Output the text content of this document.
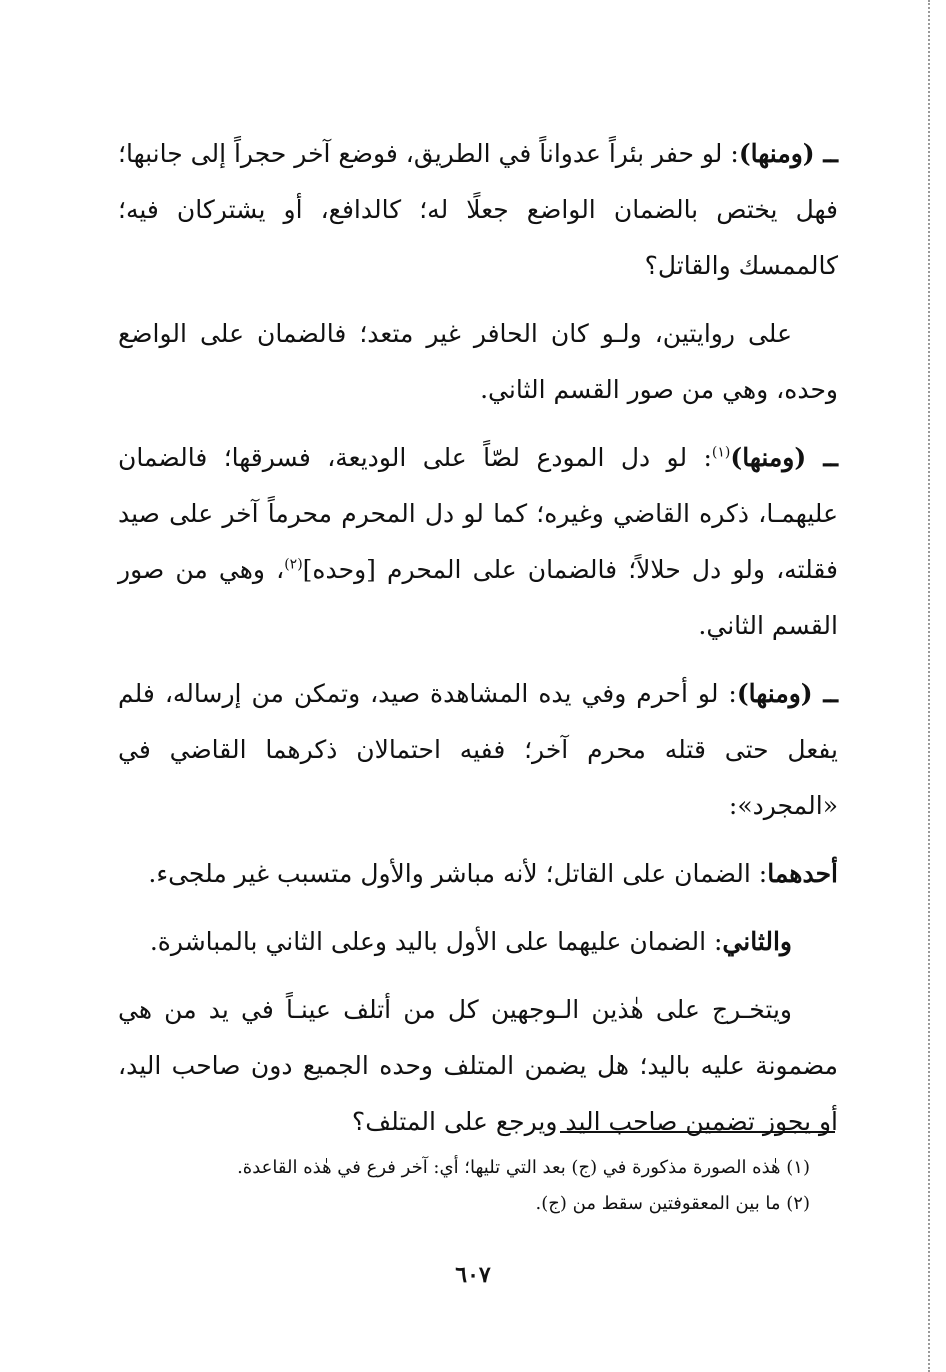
ــ (ومنها): لو حفر بئراً عدواناً في الطريق، فوضع آخر حجراً إلى جانبها؛ فهل يختص بالضمان الواضع جعلًا له؛ كالدافع، أو يشتركان فيه؛ كالممسك والقاتل؟

على روايتين، ولـو كان الحافر غير متعد؛ فالضمان على الواضع وحده، وهي من صور القسم الثاني.

ــ (ومنها)$^{(١)}$: لو دل المودع لصّاً على الوديعة، فسرقها؛ فالضمان عليهمـا، ذكره القاضي وغيره؛ كما لو دل المحرم محرماً آخر على صيد فقلته، ولو دل حلالاً؛ فالضمان على المحرم [وحده]$^{(٢)}$، وهي من صور القسم الثاني.

ــ (ومنها): لو أحرم وفي يده المشاهدة صيد، وتمكن من إرساله، فلم يفعل حتى قتله محرم آخر؛ ففيه احتمالان ذكرهما القاضي في «المجرد»:

أحدهما: الضمان على القاتل؛ لأنه مباشر والأول متسبب غير ملجىء.

والثاني: الضمان عليهما على الأول باليد وعلى الثاني بالمباشرة.

ويتخـرج على هٰذين الـوجهين كل من أتلف عينـاً في يد من هي مضمونة عليه باليد؛ هل يضمن المتلف وحده الجميع دون صاحب اليد، أو يجوز تضمين صاحب اليد ويرجع على المتلف؟

(١) هٰذه الصورة مذكورة في (ج) بعد التي تليها؛ أي: آخر فرع في هٰذه القاعدة.
(٢) ما بين المعقوفتين سقط من (ج).
٦٠٧
